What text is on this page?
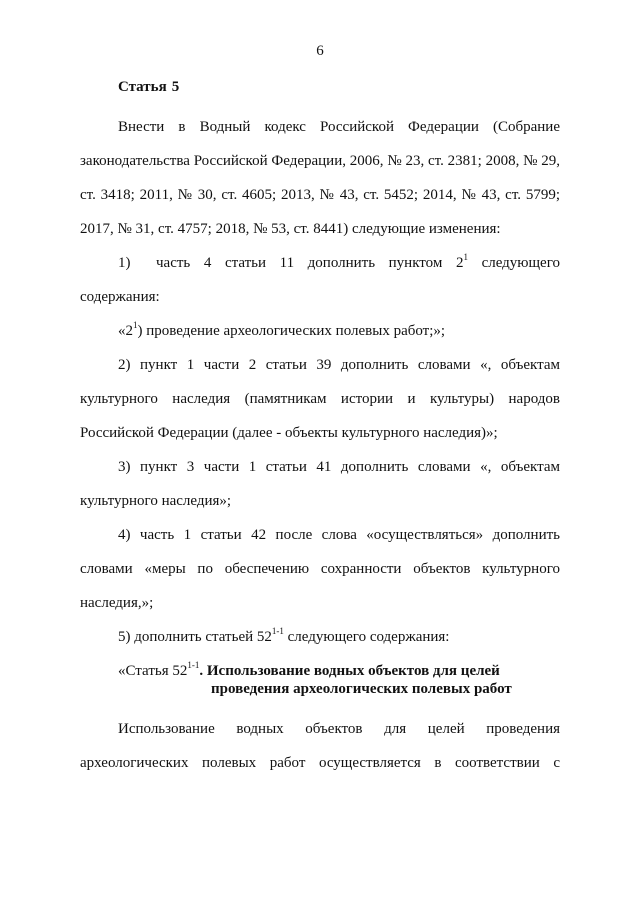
6
Статья 5

Внести в Водный кодекс Российской Федерации (Собрание законодательства Российской Федерации, 2006, № 23, ст. 2381; 2008, № 29, ст. 3418; 2011, № 30, ст. 4605; 2013, № 43, ст. 5452; 2014, № 43, ст. 5799; 2017, № 31, ст. 4757; 2018, № 53, ст. 8441) следующие изменения:

1) часть 4 статьи 11 дополнить пунктом $2^1$ следующего содержания:

«$2^1$) проведение археологических полевых работ;»;

2) пункт 1 части 2 статьи 39 дополнить словами «, объектам культурного наследия (памятникам истории и культуры) народов Российской Федерации (далее - объекты культурного наследия)»;

3) пункт 3 части 1 статьи 41 дополнить словами «, объектам культурного наследия»;

4) часть 1 статьи 42 после слова «осуществляться» дополнить словами «меры по обеспечению сохранности объектов культурного наследия,»;

5) дополнить статьей 52$^{1-1}$ следующего содержания:

«Статья 52$^{1-1}$. Использование водных объектов для целей
проведения археологических полевых работ

Использование водных объектов для целей проведения археологических полевых работ осуществляется в соответствии с
